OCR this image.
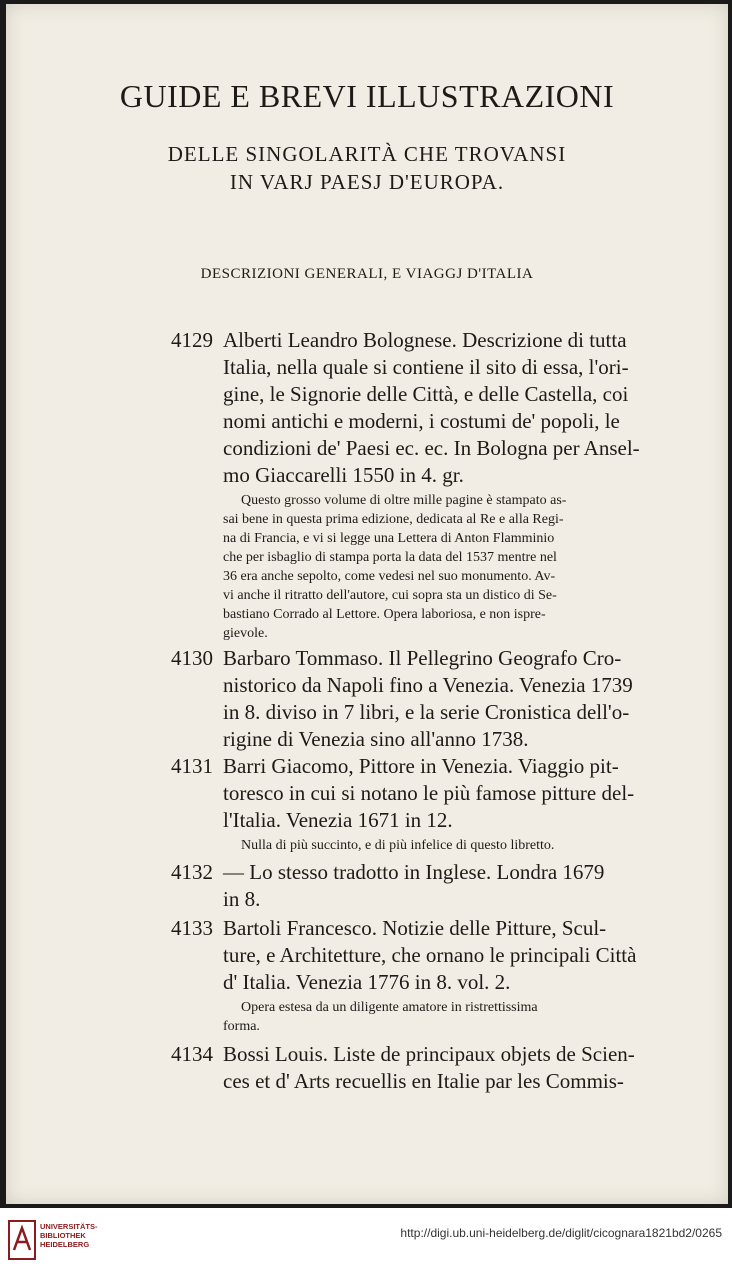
GUIDE E BREVI ILLUSTRAZIONI
DELLE SINGOLARITÀ CHE TROVANSI
IN VARJ PAESJ D'EUROPA.
DESCRIZIONI GENERALI, E VIAGGJ D'ITALIA
4129 Alberti Leandro Bolognese. Descrizione di tutta
Italia, nella quale si contiene il sito di essa, l'ori-
gine, le Signorie delle Città, e delle Castella, coi
nomi antichi e moderni, i costumi de' popoli, le
condizioni de' Paesi ec. ec. In Bologna per Ansel-
mo Giaccarelli 1550 in 4. gr.
Questo grosso volume di oltre mille pagine è stampato as-
sai bene in questa prima edizione, dedicata al Re e alla Regi-
na di Francia, e vi si legge una Lettera di Anton Flamminio
che per isbaglio di stampa porta la data del 1537 mentre nel
36 era anche sepolto, come vedesi nel suo monumento. Av-
vi anche il ritratto dell'autore, cui sopra sta un distico di Se-
bastiano Corrado al Lettore. Opera laboriosa, e non ispre-
gievole.
4130 Barbaro Tommaso. Il Pellegrino Geografo Cro-
nistorico da Napoli fino a Venezia. Venezia 1739
in 8. diviso in 7 libri, e la serie Cronistica dell'o-
rigine di Venezia sino all'anno 1738.
4131 Barri Giacomo, Pittore in Venezia. Viaggio pit-
toresco in cui si notano le più famose pitture del-
l'Italia. Venezia 1671 in 12.
Nulla di più succinto, e di più infelice di questo libretto.
4132 — Lo stesso tradotto in Inglese. Londra 1679
in 8.
4133 Bartoli Francesco. Notizie delle Pitture, Scul-
ture, e Architetture, che ornano le principali Città
d' Italia. Venezia 1776 in 8. vol. 2.
Opera estesa da un diligente amatore in ristrettissima
forma.
4134 Bossi Louis. Liste de principaux objets de Scien-
ces et d' Arts recuellis en Italie par les Commis-
UNIVERSITÄTS-
BIBLIOTHEK
HEIDELBERG
http://digi.ub.uni-heidelberg.de/diglit/cicognara1821bd2/0265
